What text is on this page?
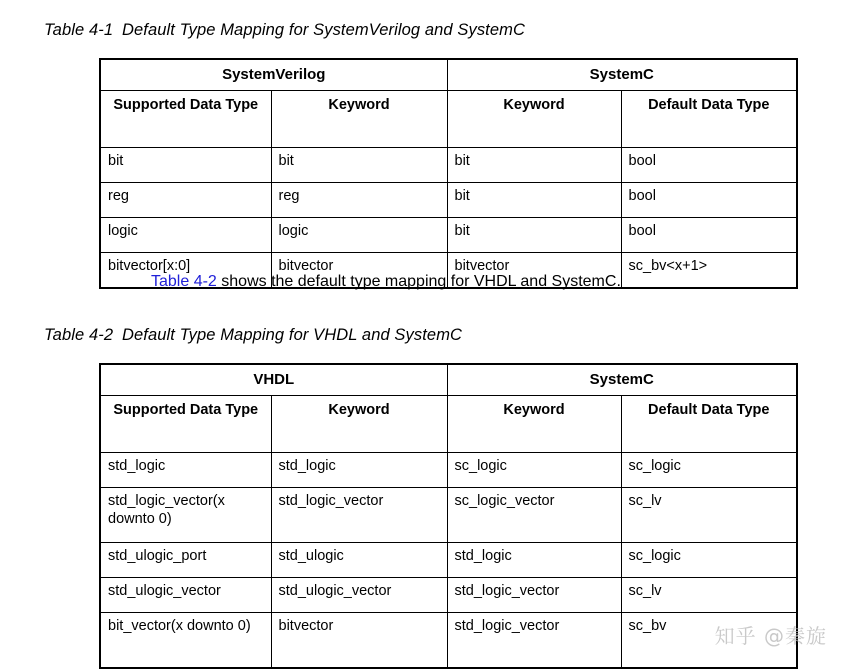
Table 4-1 Default Type Mapping for SystemVerilog and SystemC
SystemVerilog		SystemC	
Supported Data Type	Keyword	Keyword	Default Data Type
bit	bit	bit	bool
reg	reg	bit	bool
logic	logic	bit	bool
bitvector[x:0]	bitvector	bitvector	sc_bv<x+1>
Table 4-2 shows the default type mapping for VHDL and SystemC.
Table 4-2 Default Type Mapping for VHDL and SystemC
VHDL		SystemC	
Supported Data Type	Keyword	Keyword	Default Data Type
std_logic	std_logic	sc_logic	sc_logic
std_logic_vector(x downto 0)	std_logic_vector	sc_logic_vector	sc_lv
std_ulogic_port	std_ulogic	std_logic	sc_logic
std_ulogic_vector	std_ulogic_vector	std_logic_vector	sc_lv
bit_vector(x downto 0)	bitvector	std_logic_vector	sc_bv 知乎 @秦旋
